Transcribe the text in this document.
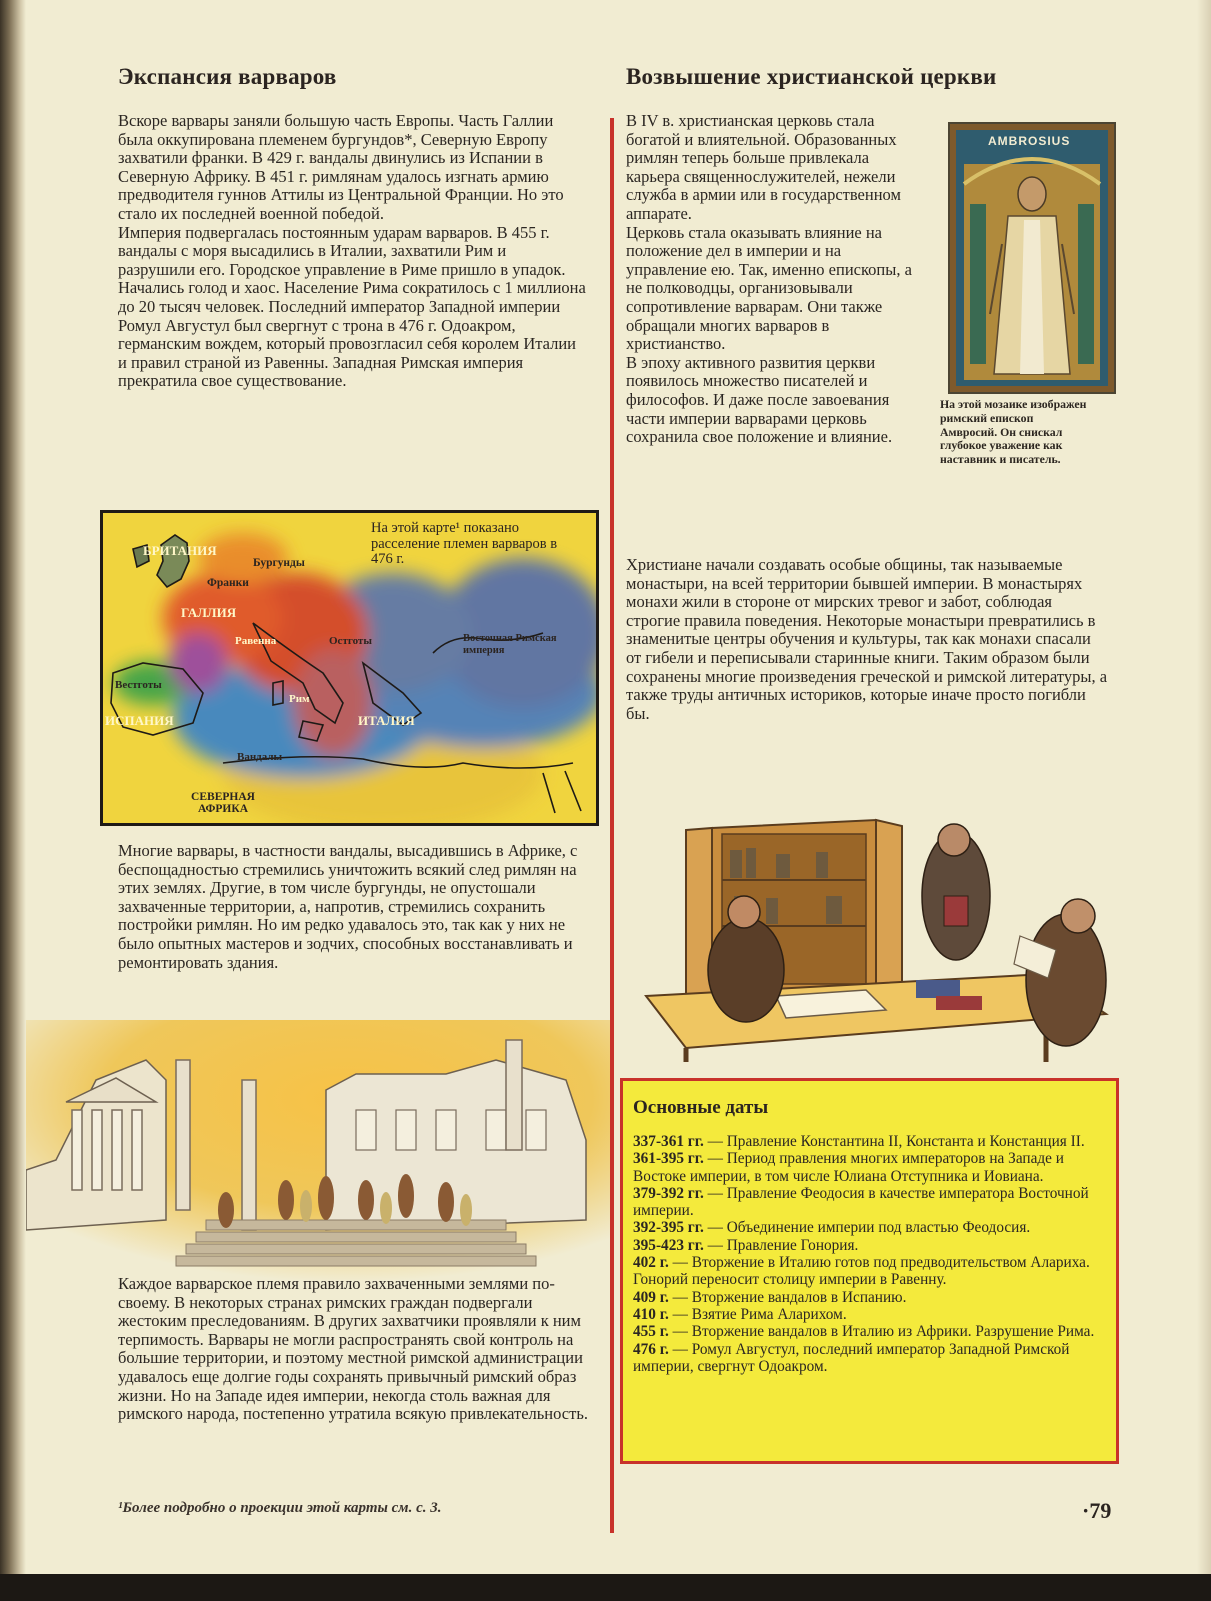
Экспансия варваров

Вскоре варвары заняли большую часть Европы. Часть Галлии была оккупирована племенем бургундов*, Северную Европу захватили франки. В 429 г. вандалы двинулись из Испании в Северную Африку. В 451 г. римлянам удалось изгнать армию предводителя гуннов Аттилы из Центральной Франции. Но это стало их последней военной победой.

Империя подвергалась постоянным ударам варваров. В 455 г. вандалы с моря высадились в Италии, захватили Рим и разрушили его. Городское управление в Риме пришло в упадок. Начались голод и хаос. Население Рима сократилось с 1 миллиона до 20 тысяч человек. Последний император Западной империи Ромул Августул был свергнут с трона в 476 г. Одоакром, германским вождем, который провозгласил себя королем Италии и правил страной из Равенны. Западная Римская империя прекратила свое существование.

На этой карте¹ показано расселение племен варваров в 476 г.
БРИТАНИЯ
Бургунды
Франки
ГАЛЛИЯ
Равенна	Остготы	Восточная Римская империя
Вестготы
ИСПАНИЯ
Рим
ИТАЛИЯ
Вандалы
СЕВЕРНАЯ АФРИКА

Многие варвары, в частности вандалы, высадившись в Африке, с беспощадностью стремились уничтожить всякий след римлян на этих землях. Другие, в том числе бургунды, не опустошали захваченные территории, а, напротив, стремились сохранить постройки римлян. Но им редко удавалось это, так как у них не было опытных мастеров и зодчих, способных восстанавливать и ремонтировать здания.

Каждое варварское племя правило захваченными землями по-своему. В некоторых странах римских граждан подвергали жестоким преследованиям. В других захватчики проявляли к ним терпимость. Варвары не могли распространять свой контроль на большие территории, и поэтому местной римской администрации удавалось еще долгие годы сохранять привычный римский образ жизни. Но на Западе идея империи, некогда столь важная для римского народа, постепенно утратила всякую привлекательность.

¹Более подробно о проекции этой карты см. с. 3.
Возвышение христианской церкви

В IV в. христианская церковь стала богатой и влиятельной. Образованных римлян теперь больше привлекала карьера священнослужителей, нежели служба в армии или в государственном аппарате.

Церковь стала оказывать влияние на положение дел в империи и на управление ею. Так, именно епископы, а не полководцы, организовывали сопротивление варварам. Они также обращали многих варваров в христианство.

В эпоху активного развития церкви появилось множество писателей и философов. И даже после завоевания части империи варварами церковь сохранила свое положение и влияние.

AMBROSIUS
На этой мозаике изображен римский епископ Амвросий. Он снискал глубокое уважение как наставник и писатель.

Христиане начали создавать особые общины, так называемые монастыри, на всей территории бывшей империи. В монастырях монахи жили в стороне от мирских тревог и забот, соблюдая строгие правила поведения. Некоторые монастыри превратились в знаменитые центры обучения и культуры, так как монахи спасали от гибели и переписывали старинные книги. Таким образом были сохранены многие произведения греческой и римской литературы, а также труды античных историков, которые иначе просто погибли бы.

Основные даты
337-361 гг. — Правление Константина II, Константа и Констанция II.
361-395 гг. — Период правления многих императоров на Западе и Востоке империи, в том числе Юлиана Отступника и Иовиана.
379-392 гг. — Правление Феодосия в качестве императора Восточной империи.
392-395 гг. — Объединение империи под властью Феодосия.
395-423 гг. — Правление Гонория.
402 г. — Вторжение в Италию готов под предводительством Алариха. Гонорий переносит столицу империи в Равенну.
409 г. — Вторжение вандалов в Испанию.
410 г. — Взятие Рима Аларихом.
455 г. — Вторжение вандалов в Италию из Африки. Разрушение Рима.
476 г. — Ромул Августул, последний император Западной Римской империи, свергнут Одоакром.
·79
